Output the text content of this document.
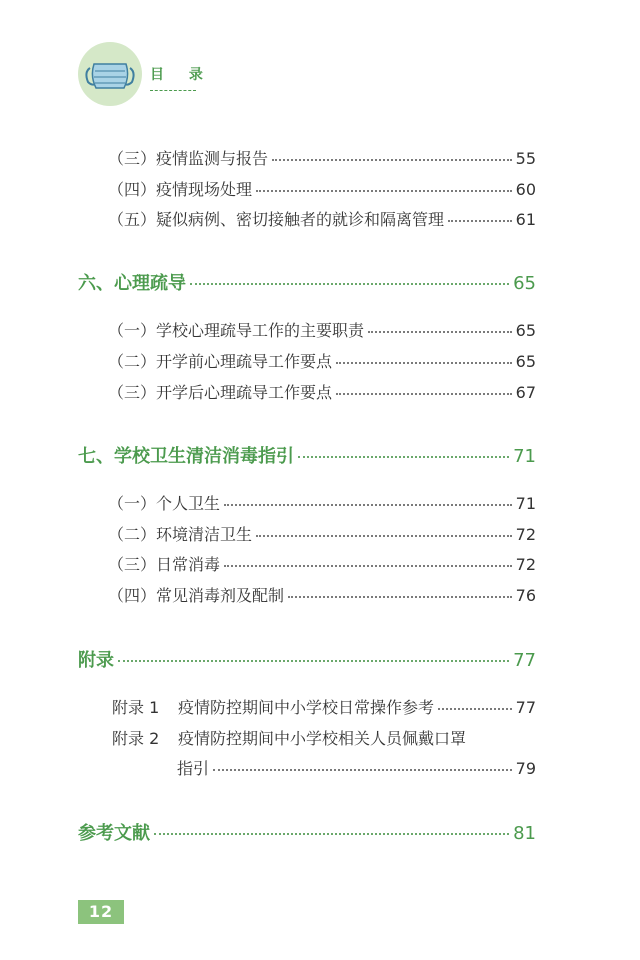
目 录
（三）疫情监测与报告	55
（四）疫情现场处理	60
（五）疑似病例、密切接触者的就诊和隔离管理	61
六、心理疏导	65
（一）学校心理疏导工作的主要职责	65
（二）开学前心理疏导工作要点	65
（三）开学后心理疏导工作要点	67
七、学校卫生清洁消毒指引	71
（一）个人卫生	71
（二）环境清洁卫生	72
（三）日常消毒	72
（四）常见消毒剂及配制	76
附录	77
附录 1	疫情防控期间中小学校日常操作参考	77
附录 2	疫情防控期间中小学校相关人员佩戴口罩
指引	79
参考文献	81
12
